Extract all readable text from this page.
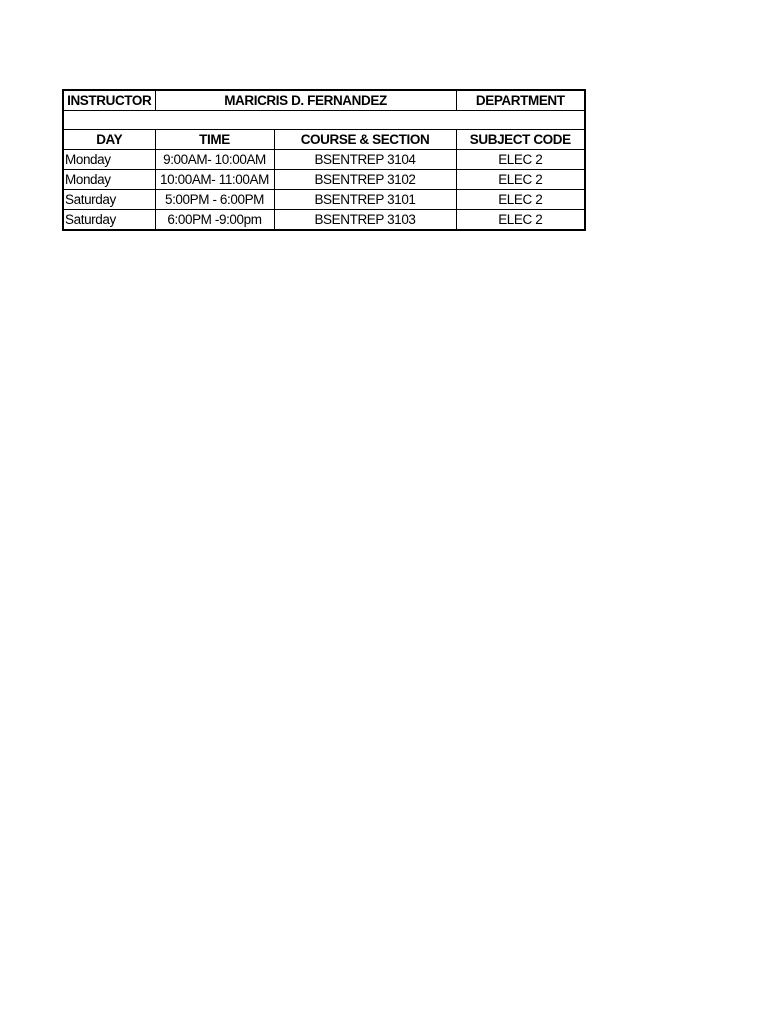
INSTRUCTOR	MARICRIS D. FERNANDEZ		DEPARTMENT

DAY	TIME	COURSE & SECTION	SUBJECT CODE
Monday	9:00AM- 10:00AM	BSENTREP 3104	ELEC 2
Monday	10:00AM- 11:00AM	BSENTREP 3102	ELEC 2
Saturday	5:00PM - 6:00PM	BSENTREP 3101	ELEC 2
Saturday	6:00PM -9:00pm	BSENTREP 3103	ELEC 2
